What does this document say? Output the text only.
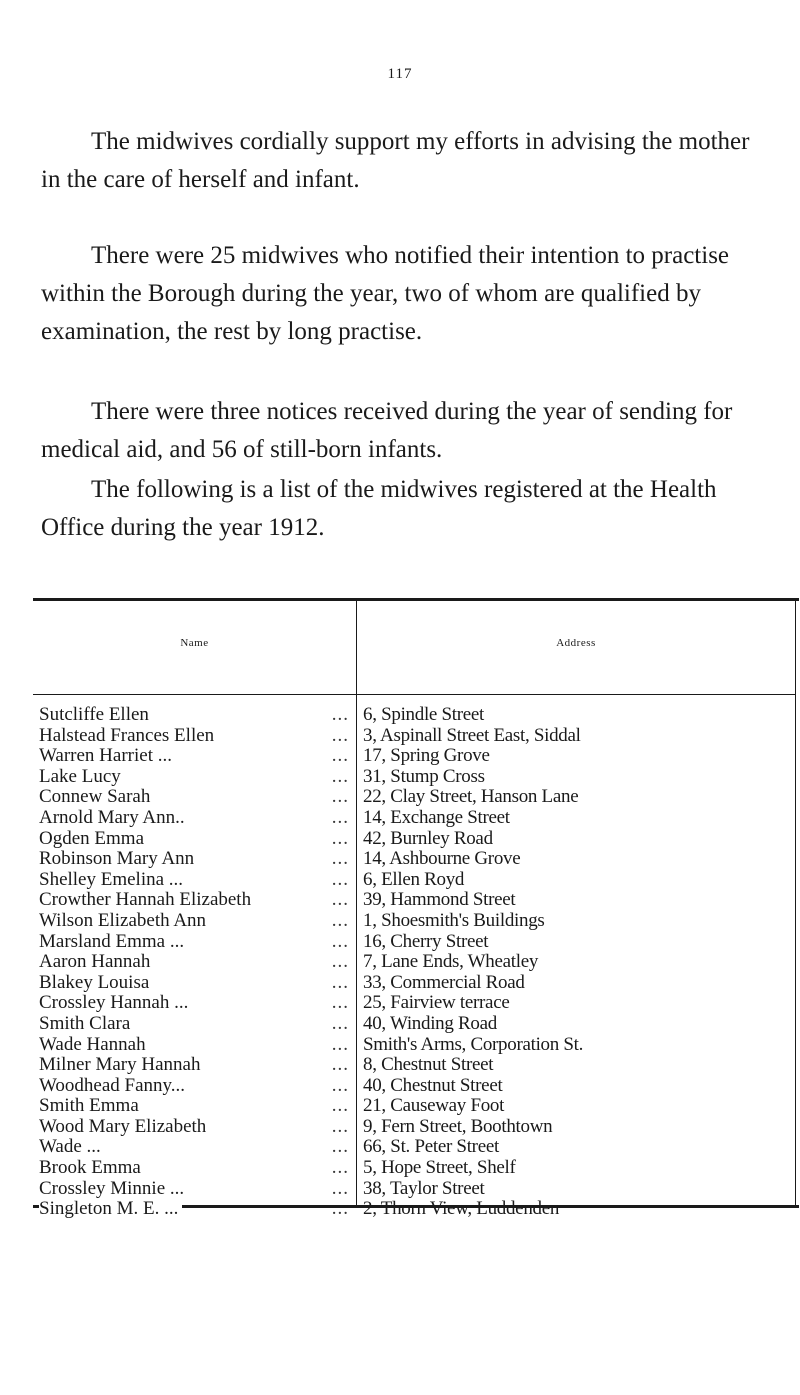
117

The midwives cordially support my efforts in advising the mother in the care of herself and infant.

There were 25 midwives who notified their intention to practise within the Borough during the year, two of whom are qualified by examination, the rest by long practise.

There were three notices received during the year of sending for medical aid, and 56 of still-born infants.

The following is a list of the midwives registered at the Health Office during the year 1912.

Name	Address
Sutcliffe Ellen	... 6, Spindle Street
Halstead Frances Ellen	... 3, Aspinall Street East, Siddal
Warren Harriet ...	... 17, Spring Grove
Lake Lucy	... 31, Stump Cross
Connew Sarah	... 22, Clay Street, Hanson Lane
Arnold Mary Ann..	... 14, Exchange Street
Ogden Emma	... 42, Burnley Road
Robinson Mary Ann	... 14, Ashbourne Grove
Shelley Emelina ...	... 6, Ellen Royd
Crowther Hannah Elizabeth	... 39, Hammond Street
Wilson Elizabeth Ann	... 1, Shoesmith's Buildings
Marsland Emma ...	... 16, Cherry Street
Aaron Hannah	... 7, Lane Ends, Wheatley
Blakey Louisa	... 33, Commercial Road
Crossley Hannah ...	... 25, Fairview terrace
Smith Clara	... 40, Winding Road
Wade Hannah	... Smith's Arms, Corporation St.
Milner Mary Hannah	... 8, Chestnut Street
Woodhead Fanny...	... 40, Chestnut Street
Smith Emma	... 21, Causeway Foot
Wood Mary Elizabeth	... 9, Fern Street, Boothtown
Wade ...	... 66, St. Peter Street
Brook Emma	... 5, Hope Street, Shelf
Crossley Minnie ...	... 38, Taylor Street
Singleton M. E. ...	... 2, Thorn View, Luddenden
